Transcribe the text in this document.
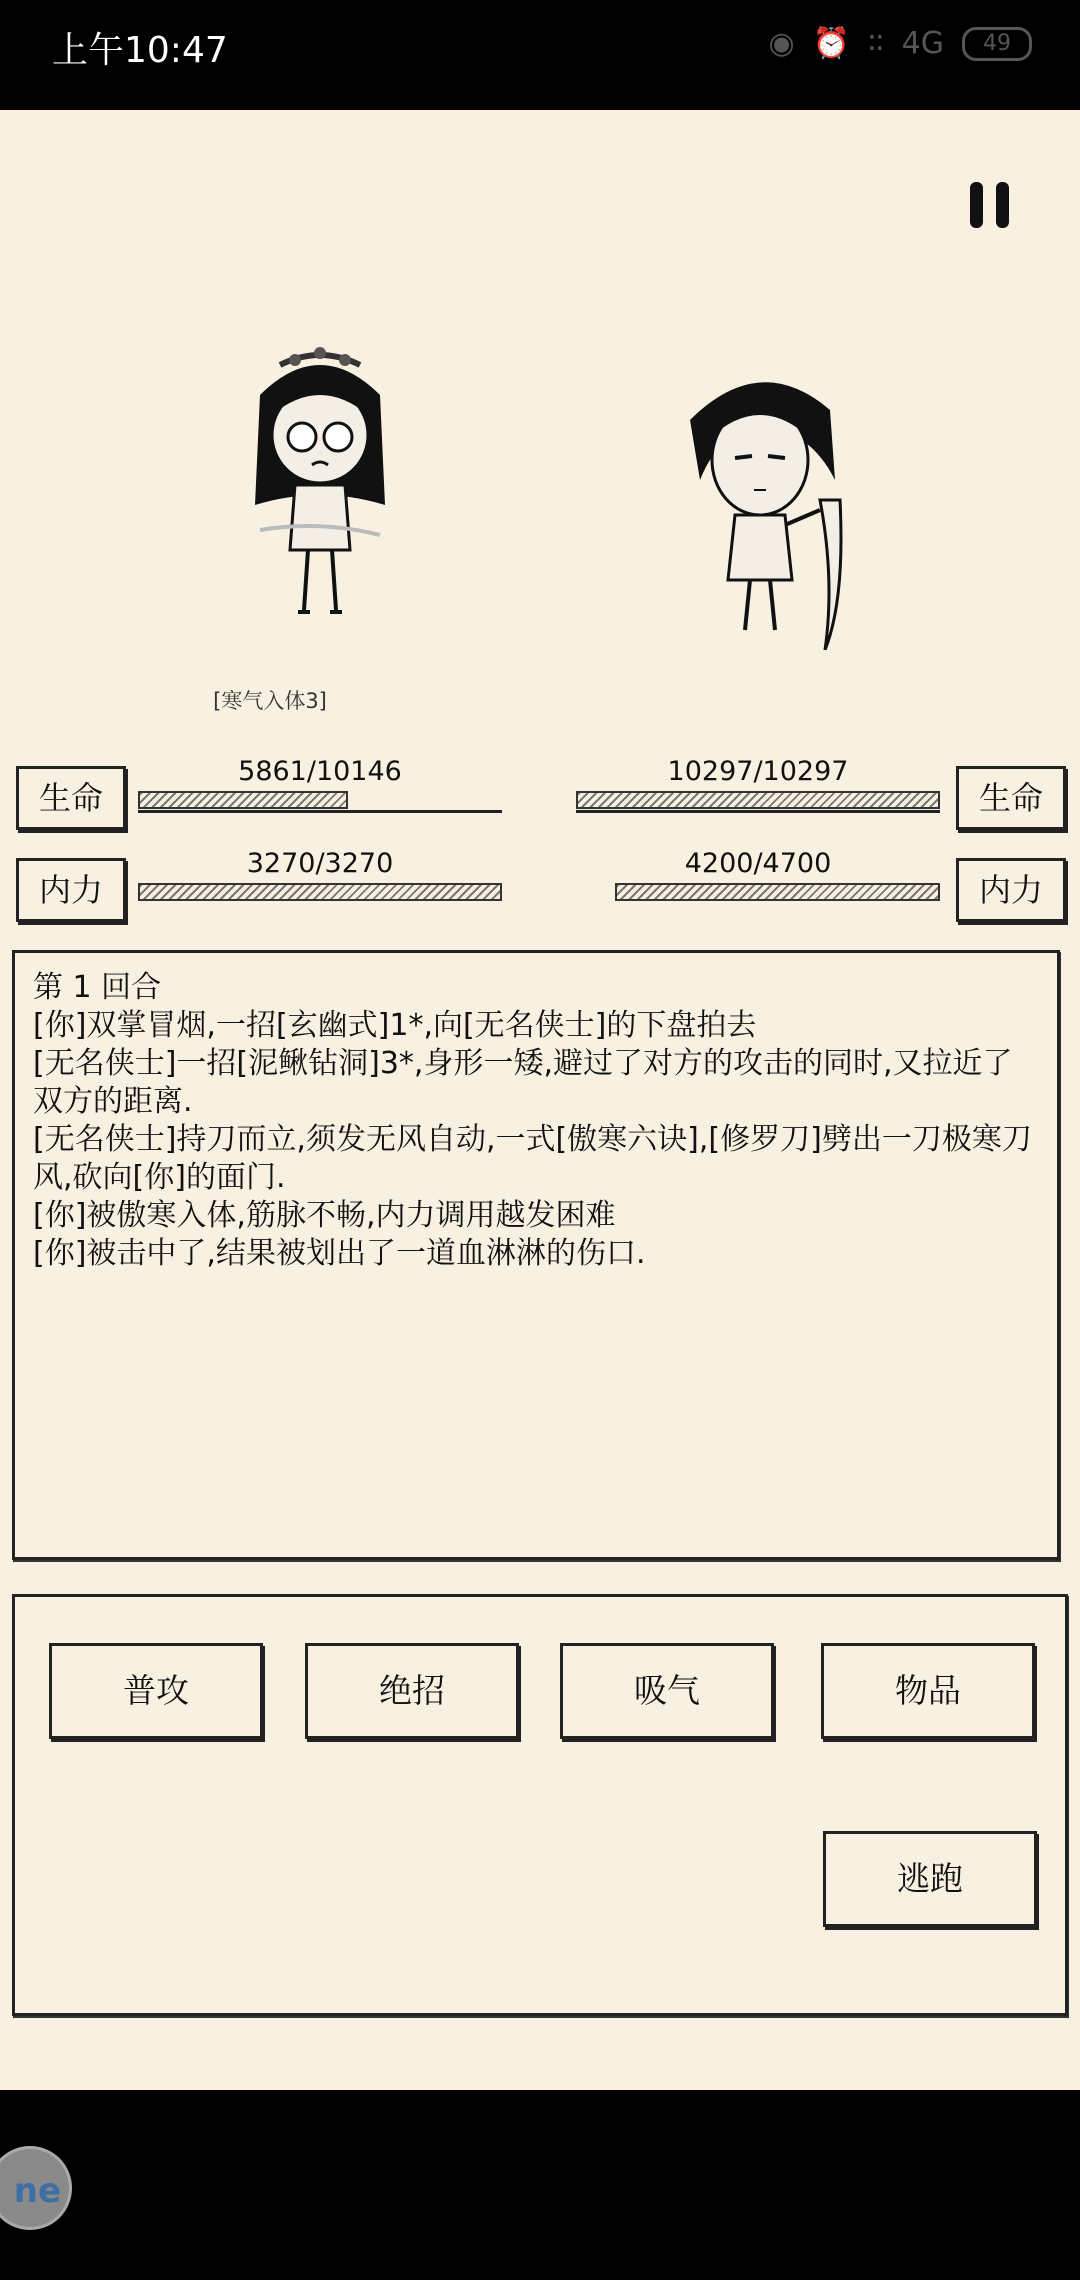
上午10:47	◉ ⏰ ∶∶ 4G	49
[寒气入体3]
生命
5861/10146
生命
10297/10297
内力
3270/3270
内力
4200/4700

第 1 回合

[你]双掌冒烟,一招[玄幽式]1*,向[无名侠士]的下盘拍去

[无名侠士]一招[泥鳅钻洞]3*,身形一矮,避过了对方的攻击的同时,又拉近了双方的距离.

[无名侠士]持刀而立,须发无风自动,一式[傲寒六诀],[修罗刀]劈出一刀极寒刀风,砍向[你]的面门.

[你]被傲寒入体,筋脉不畅,内力调用越发困难

[你]被击中了,结果被划出了一道血淋淋的伤口.

普攻	绝招	吸气	物品
逃跑
ne
